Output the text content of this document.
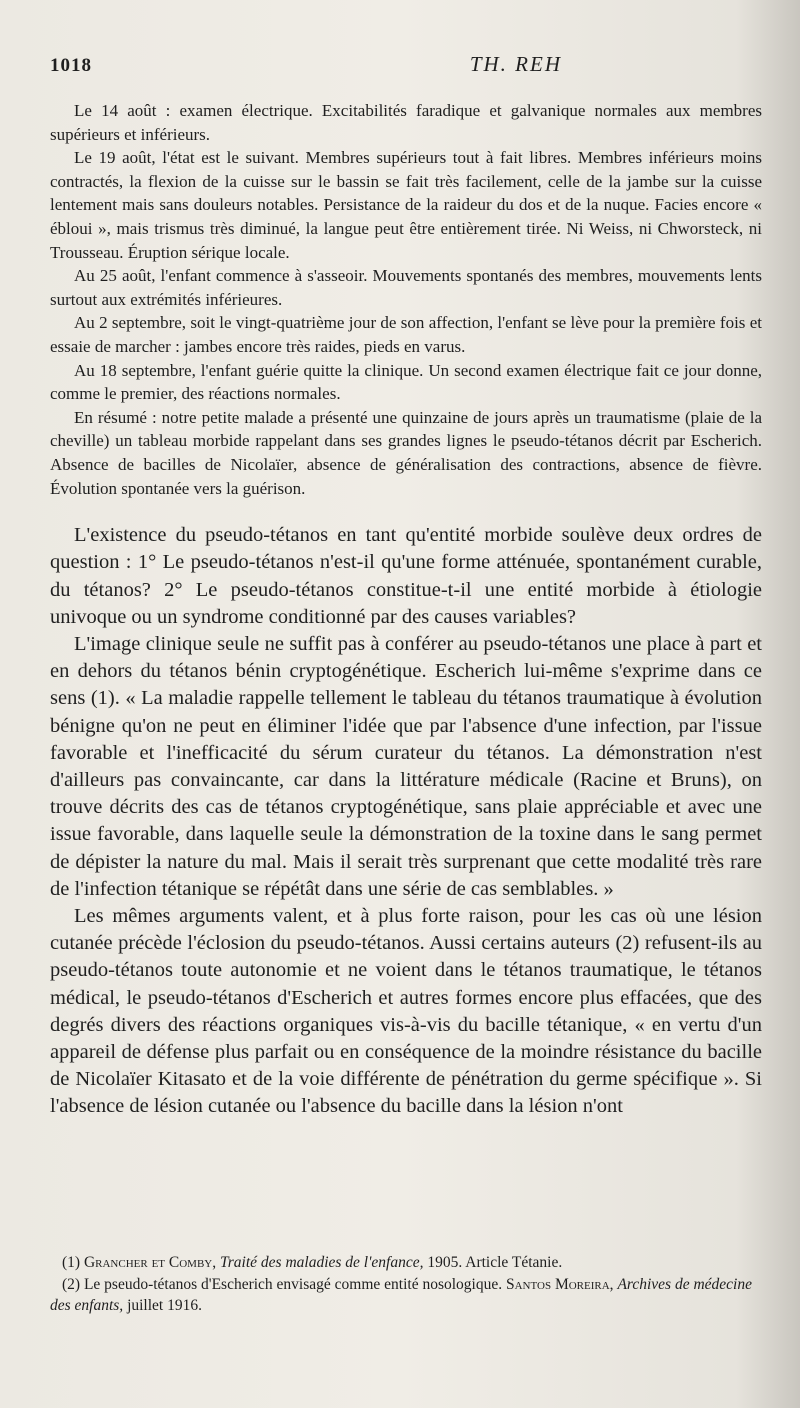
1018	TH. REH

Le 14 août : examen électrique. Excitabilités faradique et galvanique normales aux membres supérieurs et inférieurs.

Le 19 août, l'état est le suivant. Membres supérieurs tout à fait libres. Membres inférieurs moins contractés, la flexion de la cuisse sur le bassin se fait très facilement, celle de la jambe sur la cuisse lentement mais sans douleurs notables. Persistance de la raideur du dos et de la nuque. Facies encore « ébloui », mais trismus très diminué, la langue peut être entièrement tirée. Ni Weiss, ni Chworsteck, ni Trousseau. Éruption sérique locale.

Au 25 août, l'enfant commence à s'asseoir. Mouvements spontanés des membres, mouvements lents surtout aux extrémités inférieures.

Au 2 septembre, soit le vingt-quatrième jour de son affection, l'enfant se lève pour la première fois et essaie de marcher : jambes encore très raides, pieds en varus.

Au 18 septembre, l'enfant guérie quitte la clinique. Un second examen électrique fait ce jour donne, comme le premier, des réactions normales.

En résumé : notre petite malade a présenté une quinzaine de jours après un traumatisme (plaie de la cheville) un tableau morbide rappelant dans ses grandes lignes le pseudo-tétanos décrit par Escherich. Absence de bacilles de Nicolaïer, absence de généralisation des contractions, absence de fièvre. Évolution spontanée vers la guérison.

L'existence du pseudo-tétanos en tant qu'entité morbide soulève deux ordres de question : 1° Le pseudo-tétanos n'est-il qu'une forme atténuée, spontanément curable, du tétanos? 2° Le pseudo-tétanos constitue-t-il une entité morbide à étiologie univoque ou un syndrome conditionné par des causes variables?

L'image clinique seule ne suffit pas à conférer au pseudo-tétanos une place à part et en dehors du tétanos bénin cryptogénétique. Escherich lui-même s'exprime dans ce sens (1). « La maladie rappelle tellement le tableau du tétanos traumatique à évolution bénigne qu'on ne peut en éliminer l'idée que par l'absence d'une infection, par l'issue favorable et l'inefficacité du sérum curateur du tétanos. La démonstration n'est d'ailleurs pas convaincante, car dans la littérature médicale (Racine et Bruns), on trouve décrits des cas de tétanos cryptogénétique, sans plaie appréciable et avec une issue favorable, dans laquelle seule la démonstration de la toxine dans le sang permet de dépister la nature du mal. Mais il serait très surprenant que cette modalité très rare de l'infection tétanique se répétât dans une série de cas semblables. »

Les mêmes arguments valent, et à plus forte raison, pour les cas où une lésion cutanée précède l'éclosion du pseudo-tétanos. Aussi certains auteurs (2) refusent-ils au pseudo-tétanos toute autonomie et ne voient dans le tétanos traumatique, le tétanos médical, le pseudo-tétanos d'Escherich et autres formes encore plus effacées, que des degrés divers des réactions organiques vis-à-vis du bacille tétanique, « en vertu d'un appareil de défense plus parfait ou en conséquence de la moindre résistance du bacille de Nicolaïer Kitasato et de la voie différente de pénétration du germe spécifique ». Si l'absence de lésion cutanée ou l'absence du bacille dans la lésion n'ont

(1) Grancher et Comby, Traité des maladies de l'enfance, 1905. Article Tétanie.

(2) Le pseudo-tétanos d'Escherich envisagé comme entité nosologique. Santos Moreira, Archives de médecine des enfants, juillet 1916.
